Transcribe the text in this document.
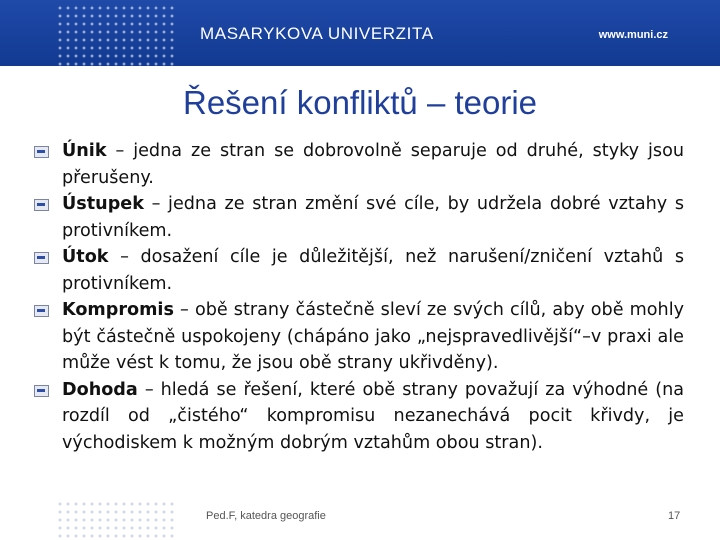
MASARYKOVA UNIVERZITA	www.muni.cz
Řešení konfliktů – teorie
Únik – jedna ze stran se dobrovolně separuje od druhé, styky jsou přerušeny.
Ústupek – jedna ze stran změní své cíle, by udržela dobré vztahy s protivníkem.
Útok – dosažení cíle je důležitější, než narušení/zničení vztahů s protivníkem.
Kompromis – obě strany částečně sleví ze svých cílů, aby obě mohly být částečně uspokojeny (chápáno jako „nejspravedlivější“–v praxi ale může vést k tomu, že jsou obě strany ukřivděny).
Dohoda – hledá se řešení, které obě strany považují za výhodné (na rozdíl od „čistého“ kompromisu nezanechává pocit křivdy, je východiskem k možným dobrým vztahům obou stran).
Ped.F, katedra geografie	17
